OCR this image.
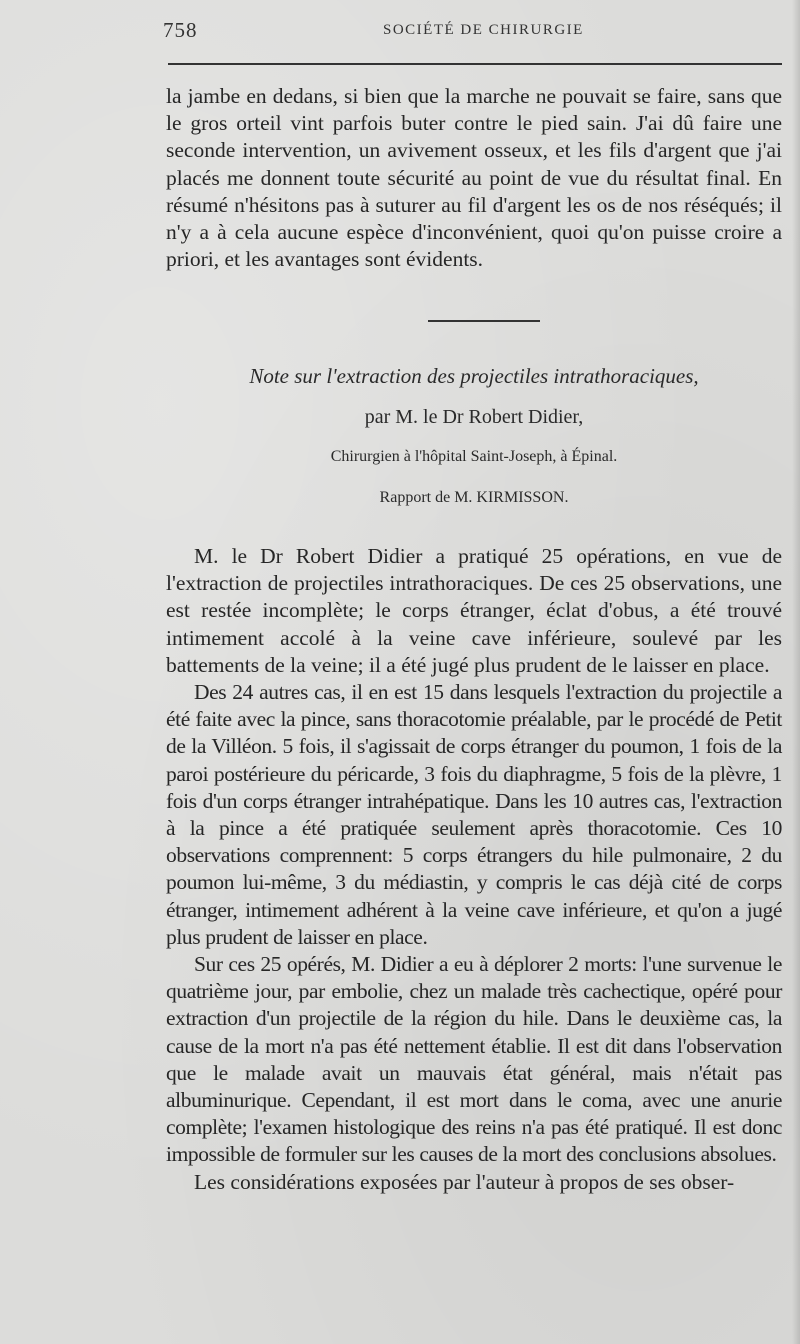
758	SOCIÉTÉ DE CHIRURGIE

la jambe en dedans, si bien que la marche ne pouvait se faire, sans que le gros orteil vint parfois buter contre le pied sain. J'ai dû faire une seconde intervention, un avivement osseux, et les fils d'argent que j'ai placés me donnent toute sécurité au point de vue du résultat final. En résumé n'hésitons pas à suturer au fil d'argent les os de nos réséqués; il n'y a à cela aucune espèce d'inconvénient, quoi qu'on puisse croire a priori, et les avantages sont évidents.

Note sur l'extraction des projectiles intrathoraciques,
par M. le Dr Robert Didier,
Chirurgien à l'hôpital Saint-Joseph, à Épinal.
Rapport de M. KIRMISSON.

M. le Dr Robert Didier a pratiqué 25 opérations, en vue de l'extraction de projectiles intrathoraciques. De ces 25 observations, une est restée incomplète; le corps étranger, éclat d'obus, a été trouvé intimement accolé à la veine cave inférieure, soulevé par les battements de la veine; il a été jugé plus prudent de le laisser en place.

Des 24 autres cas, il en est 15 dans lesquels l'extraction du projectile a été faite avec la pince, sans thoracotomie préalable, par le procédé de Petit de la Villéon. 5 fois, il s'agissait de corps étranger du poumon, 1 fois de la paroi postérieure du péricarde, 3 fois du diaphragme, 5 fois de la plèvre, 1 fois d'un corps étranger intrahépatique. Dans les 10 autres cas, l'extraction à la pince a été pratiquée seulement après thoracotomie. Ces 10 observations comprennent: 5 corps étrangers du hile pulmonaire, 2 du poumon lui-même, 3 du médiastin, y compris le cas déjà cité de corps étranger, intimement adhérent à la veine cave inférieure, et qu'on a jugé plus prudent de laisser en place.

Sur ces 25 opérés, M. Didier a eu à déplorer 2 morts: l'une survenue le quatrième jour, par embolie, chez un malade très cachectique, opéré pour extraction d'un projectile de la région du hile. Dans le deuxième cas, la cause de la mort n'a pas été nettement établie. Il est dit dans l'observation que le malade avait un mauvais état général, mais n'était pas albuminurique. Cependant, il est mort dans le coma, avec une anurie complète; l'examen histologique des reins n'a pas été pratiqué. Il est donc impossible de formuler sur les causes de la mort des conclusions absolues.

Les considérations exposées par l'auteur à propos de ses obser-
